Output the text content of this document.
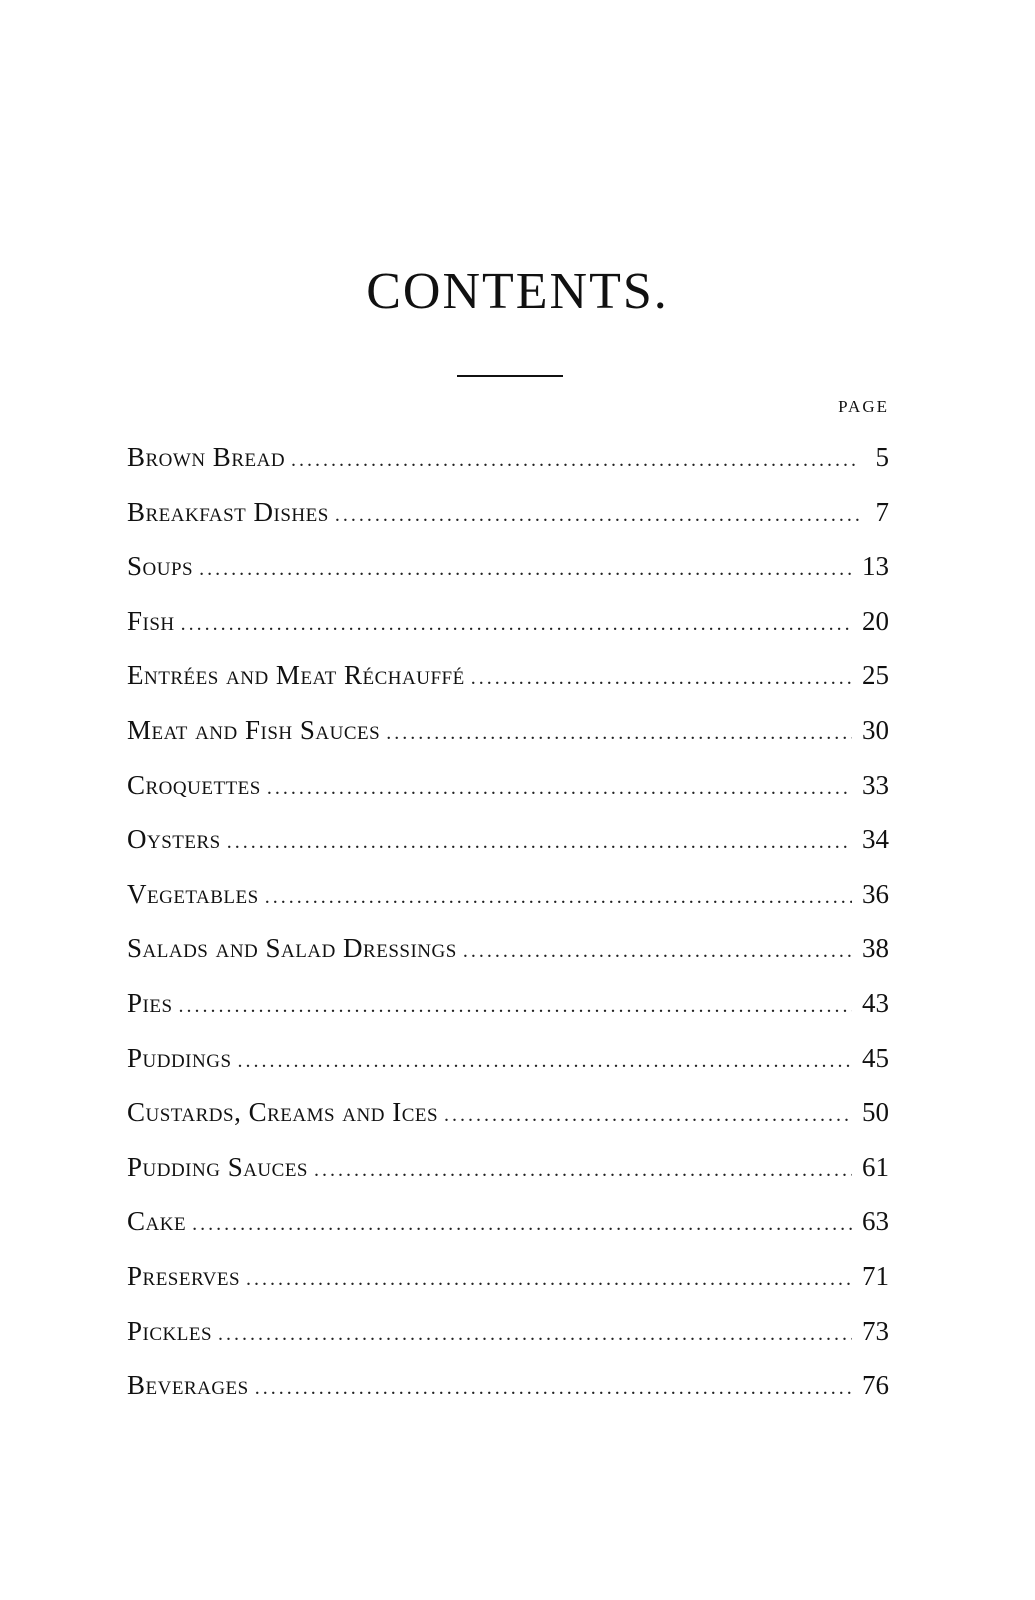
CONTENTS.
PAGE
Brown Bread .....	5
Breakfast Dishes .....	7
Soups .....	13
Fish .....	20
Entrées and Meat Réchauffé .....	25
Meat and Fish Sauces .....	30
Croquettes .....	33
Oysters .....	34
Vegetables .....	36
Salads and Salad Dressings .....	38
Pies .....	43
Puddings .....	45
Custards, Creams and Ices .....	50
Pudding Sauces .....	61
Cake .....	63
Preserves .....	71
Pickles .....	73
Beverages .....	76
